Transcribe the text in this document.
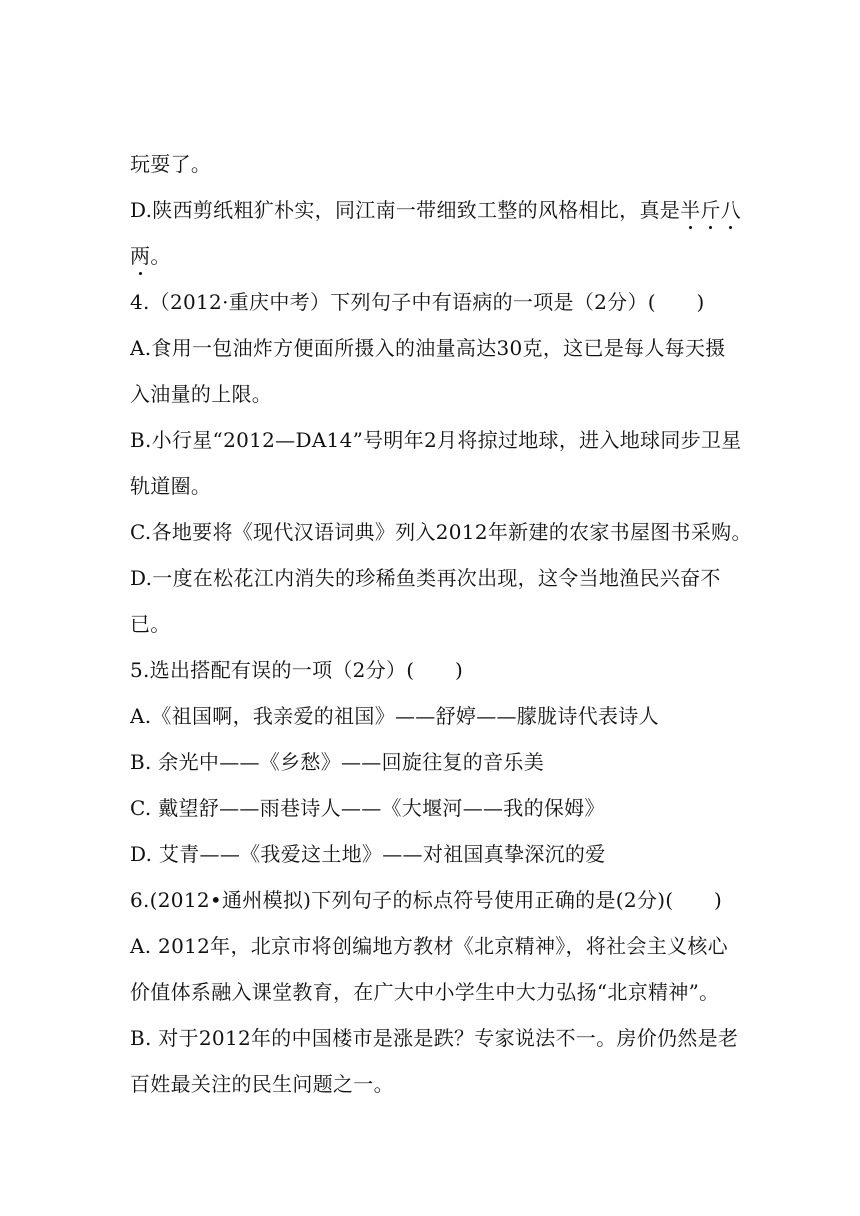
玩耍了。
D.陕西剪纸粗犷朴实，同江南一带细致工整的风格相比，真是半斤八
两。
4.（2012·重庆中考）下列句子中有语病的一项是（2分）(　　)
A.食用一包油炸方便面所摄入的油量高达30克，这已是每人每天摄
入油量的上限。
B.小行星“2012—DA14”号明年2月将掠过地球，进入地球同步卫星
轨道圈。
C.各地要将《现代汉语词典》列入2012年新建的农家书屋图书采购。
D.一度在松花江内消失的珍稀鱼类再次出现，这令当地渔民兴奋不
已。
5.选出搭配有误的一项（2分）(　　)
A.《祖国啊，我亲爱的祖国》——舒婷——朦胧诗代表诗人
B. 余光中——《乡愁》——回旋往复的音乐美
C. 戴望舒——雨巷诗人——《大堰河——我的保姆》
D. 艾青——《我爱这土地》——对祖国真挚深沉的爱
6.(2012•通州模拟)下列句子的标点符号使用正确的是(2分)(　　)
A. 2012年，北京市将创编地方教材《北京精神》，将社会主义核心
价值体系融入课堂教育，在广大中小学生中大力弘扬“北京精神”。
B. 对于2012年的中国楼市是涨是跌？专家说法不一。房价仍然是老
百姓最关注的民生问题之一。
